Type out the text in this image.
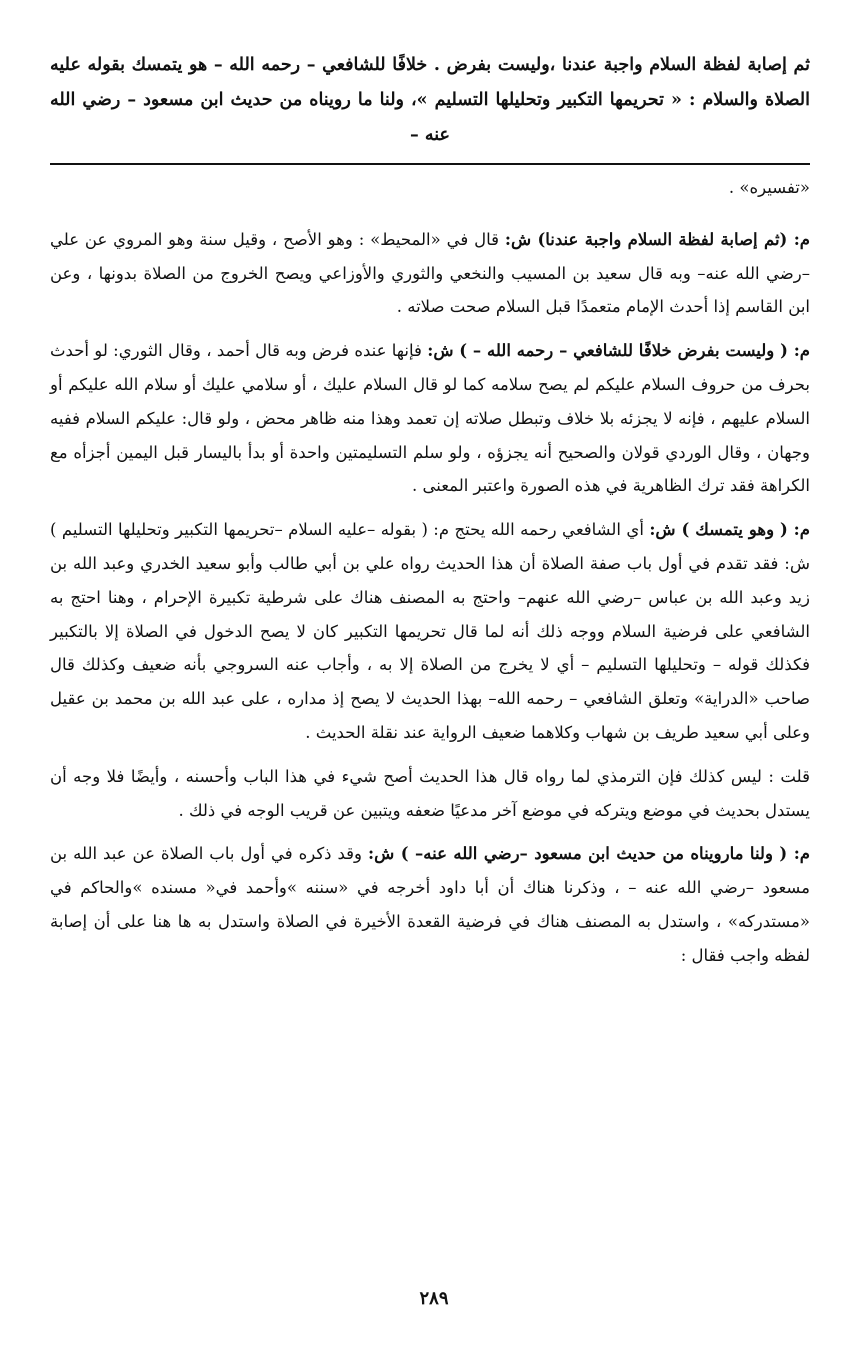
ثم إصابة لفظة السلام واجبة عندنا ،وليست بفرض . خلافًا للشافعي – رحمه الله – هو يتمسك بقوله عليه الصلاة والسلام : « تحريمها التكبير وتحليلها التسليم »، ولنا ما رويناه من حديث ابن مسعود – رضي الله عنه –

«تفسيره» .

م: (ثم إصابة لفظة السلام واجبة عندنا) ش: قال في «المحيط» : وهو الأصح ، وقيل سنة وهو المروي عن علي –رضي الله عنه– وبه قال سعيد بن المسيب والنخعي والثوري والأوزاعي ويصح الخروج من الصلاة بدونها ، وعن ابن القاسم إذا أحدث الإمام متعمدًا قبل السلام صحت صلاته .

م: ( وليست بفرض خلافًا للشافعي – رحمه الله – ) ش: فإنها عنده فرض وبه قال أحمد ، وقال الثوري: لو أحدث بحرف من حروف السلام عليكم لم يصح سلامه كما لو قال السلام عليك ، أو سلامي عليك أو سلام الله عليكم أو السلام عليهم ، فإنه لا يجزئه بلا خلاف وتبطل صلاته إن تعمد وهذا منه ظاهر محض ، ولو قال: عليكم السلام ففيه وجهان ، وقال الوردي قولان والصحيح أنه يجزؤه ، ولو سلم التسليمتين واحدة أو بدأ باليسار قبل اليمين أجزأه مع الكراهة فقد ترك الظاهرية في هذه الصورة واعتبر المعنى .

م: ( وهو يتمسك ) ش: أي الشافعي رحمه الله يحتج م: ( بقوله –عليه السلام –تحريمها التكبير وتحليلها التسليم ) ش: فقد تقدم في أول باب صفة الصلاة أن هذا الحديث رواه علي بن أبي طالب وأبو سعيد الخدري وعبد الله بن زيد وعبد الله بن عباس –رضي الله عنهم– واحتج به المصنف هناك على شرطية تكبيرة الإحرام ، وهنا احتج به الشافعي على فرضية السلام ووجه ذلك أنه لما قال تحريمها التكبير كان لا يصح الدخول في الصلاة إلا بالتكبير فكذلك قوله – وتحليلها التسليم – أي لا يخرج من الصلاة إلا به ، وأجاب عنه السروجي بأنه ضعيف وكذلك قال صاحب «الدراية» وتعلق الشافعي – رحمه الله– بهذا الحديث لا يصح إذ مداره ، على عبد الله بن محمد بن عقيل وعلى أبي سعيد طريف بن شهاب وكلاهما ضعيف الرواية عند نقلة الحديث .

قلت : ليس كذلك فإن الترمذي لما رواه قال هذا الحديث أصح شيء في هذا الباب وأحسنه ، وأيضًا فلا وجه أن يستدل بحديث في موضع ويتركه في موضع آخر مدعيًا ضعفه ويتبين عن قريب الوجه في ذلك .

م: ( ولنا مارويناه من حديث ابن مسعود –رضي الله عنه– ) ش: وقد ذكره في أول باب الصلاة عن عبد الله بن مسعود –رضي الله عنه – ، وذكرنا هناك أن أبا داود أخرجه في «سننه »وأحمد في« مسنده »والحاكم في «مستدركه» ، واستدل به المصنف هناك في فرضية القعدة الأخيرة في الصلاة واستدل به ها هنا على أن إصابة لفظه واجب فقال :

٢٨٩
